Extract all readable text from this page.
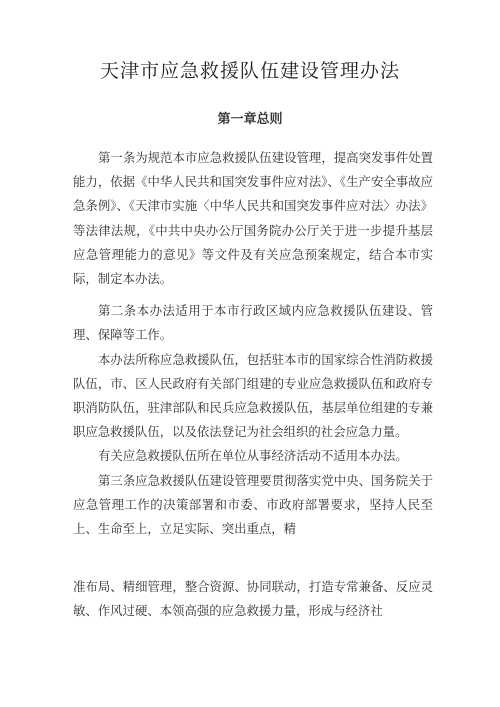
天津市应急救援队伍建设管理办法
第一章总则

第一条为规范本市应急救援队伍建设管理，提高突发事件处置能力，依据《中华人民共和国突发事件应对法》、《生产安全事故应急条例》、《天津市实施〈中华人民共和国突发事件应对法〉办法》等法律法规，《中共中央办公厅国务院办公厅关于进一步提升基层应急管理能力的意见》等文件及有关应急预案规定，结合本市实际，制定本办法。

第二条本办法适用于本市行政区域内应急救援队伍建设、管理、保障等工作。

本办法所称应急救援队伍，包括驻本市的国家综合性消防救援队伍，市、区人民政府有关部门组建的专业应急救援队伍和政府专职消防队伍，驻津部队和民兵应急救援队伍，基层单位组建的专兼职应急救援队伍，以及依法登记为社会组织的社会应急力量。

有关应急救援队伍所在单位从事经济活动不适用本办法。

第三条应急救援队伍建设管理要贯彻落实党中央、国务院关于应急管理工作的决策部署和市委、市政府部署要求，坚持人民至上、生命至上，立足实际、突出重点，精

准布局、精细管理，整合资源、协同联动，打造专常兼备、反应灵敏、作风过硬、本领高强的应急救援力量，形成与经济社
